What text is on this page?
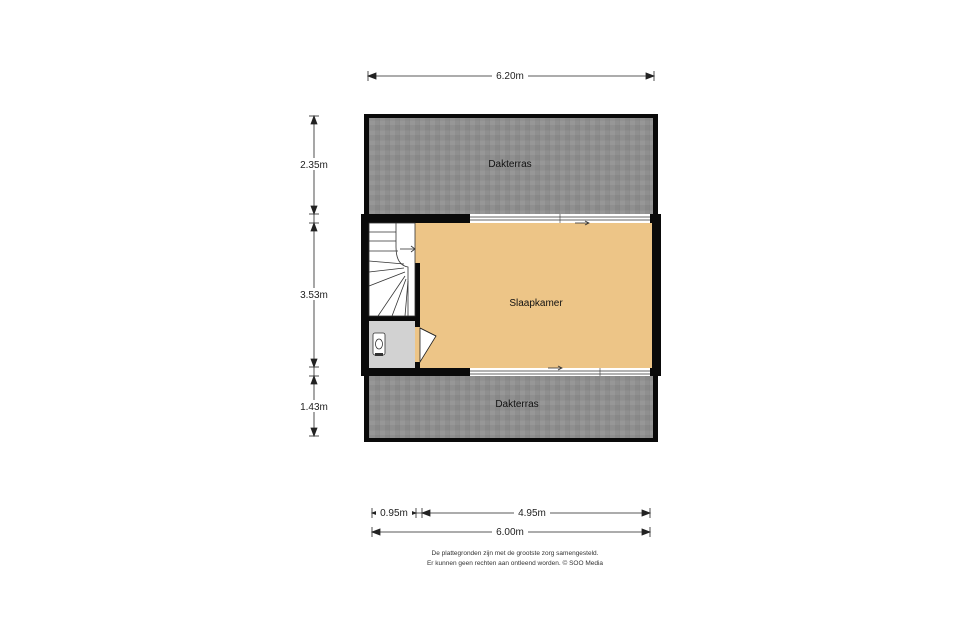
Dakterras
Dakterras
Slaapkamer
6.20m
2.35m
3.53m
1.43m
0.95m	4.95m
6.00m
De plattegronden zijn met de grootste zorg samengesteld.
Er kunnen geen rechten aan ontleend worden. © SOO Media
